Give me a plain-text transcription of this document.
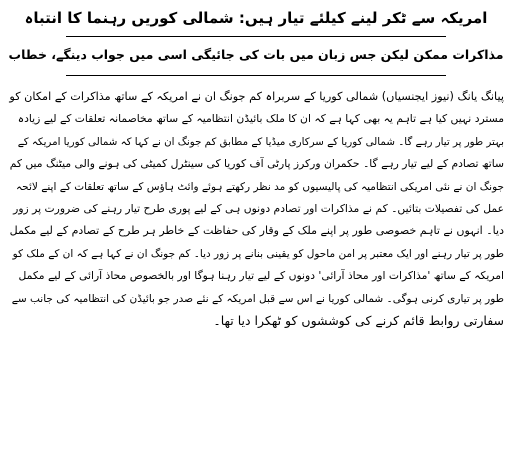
امریکہ سے ٹکر لینے کیلئے تیار ہیں: شمالی کوریں رہنما کا انتباہ
مذاکرات ممکن لیکن جس زبان میں بات کی جائیگی اسی میں جواب دینگے، خطاب
پیانگ یانگ (نیوز ایجنسیاں) شمالی کوریا کے سربراہ کم جونگ ان نے امریکہ کے ساتھ مذاکرات کے امکان کو
مسترد نہیں کیا ہے تاہم یہ بھی کہا ہے کہ ان کا ملک بائیڈن انتظامیہ کے ساتھ مخاصمانہ تعلقات کے لیے زیادہ
بہتر طور پر تیار رہے گا۔ شمالی کوریا کے سرکاری میڈیا کے مطابق کم جونگ ان نے کہا کہ شمالی کوریا امریکہ کے
ساتھ تصادم کے لیے تیار رہے گا۔ حکمران ورکرز پارٹی آف کوریا کی سینٹرل کمیٹی کی ہونے والی میٹنگ میں کم
جونگ ان نے نئی امریکی انتظامیہ کی پالیسیوں کو مد نظر رکھتے ہوئے وائٹ ہاؤس کے ساتھ تعلقات کے اپنے لائحہ
عمل کی تفصیلات بتائیں۔ کم نے مذاکرات اور تصادم دونوں ہی کے لیے پوری طرح تیار رہنے کی ضرورت پر زور
دیا۔ انہوں نے تاہم خصوصی طور پر اپنے ملک کے وقار کی حفاظت کے خاطر ہر طرح کے تصادم کے لیے مکمل
طور پر تیار رہنے اور ایک معتبر پر امن ماحول کو یقینی بنانے پر زور دیا۔ کم جونگ ان نے کہا ہے کہ ان کے ملک کو
امریکہ کے ساتھ 'مذاکرات اور محاذ آرائی' دونوں کے لیے تیار رہنا ہوگا اور بالخصوص محاذ آرائی کے لیے مکمل
طور پر تیاری کرنی ہوگی۔ شمالی کوریا نے اس سے قبل امریکہ کے نئے صدر جو بائیڈن کی انتظامیہ کی جانب سے
سفارتی روابط قائم کرنے کی کوششوں کو ٹھکرا دیا تھا۔
